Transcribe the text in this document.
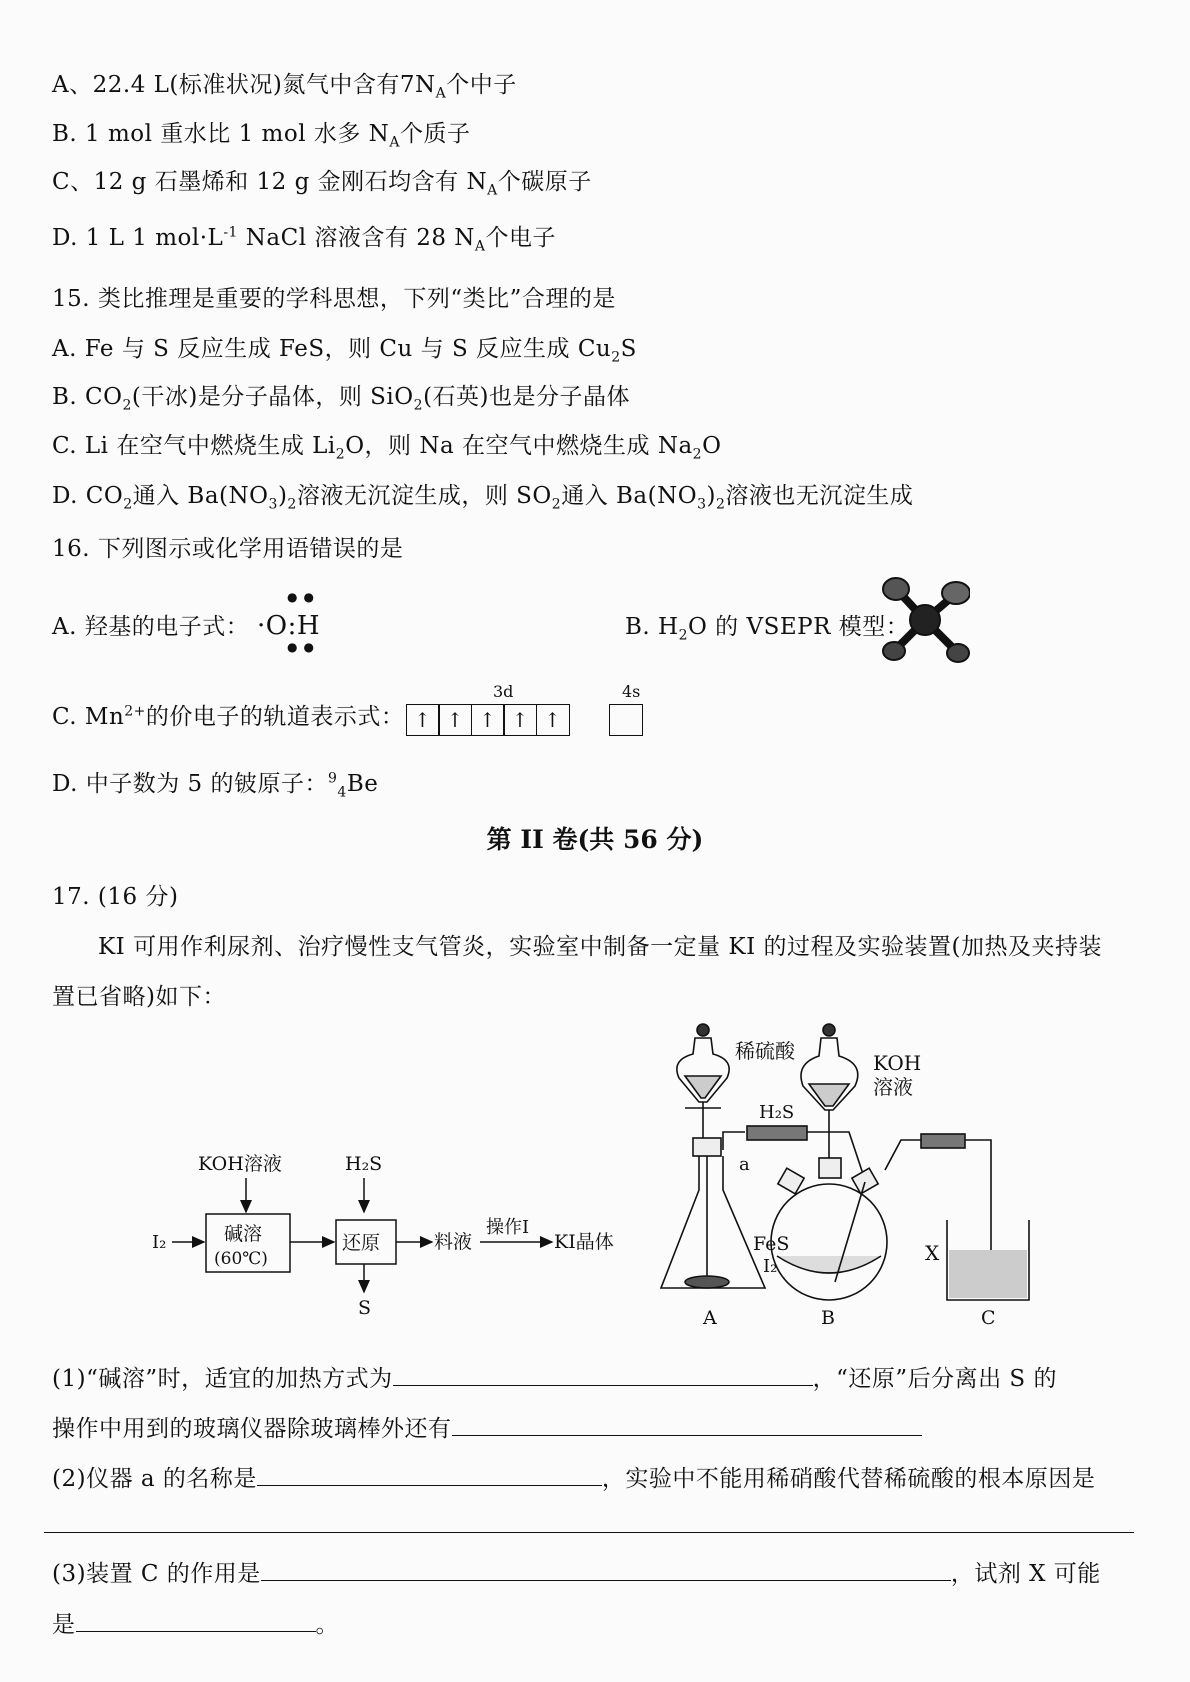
A、22.4 L(标准状况)氮气中含有$7N_A$个中子
B. 1 mol 重水比 1 mol 水多 $N_A$个质子
C、12 g 石墨烯和 12 g 金刚石均含有 $N_A$个碳原子
D. 1 L 1 $mol\cdot L^{-1}$ NaCl 溶液含有 28 $N_A$个电子
15. 类比推理是重要的学科思想，下列“类比”合理的是
A. Fe 与 S 反应生成 FeS，则 Cu 与 S 反应生成 $Cu_2S$
B. $CO_2$(干冰)是分子晶体，则 SiO$_2$(石英)也是分子晶体
C. Li 在空气中燃烧生成 $Li_2O$，则 Na 在空气中燃烧生成 $Na_2O$
D. $CO_2$通入 $Ba(NO_3)_2$溶液无沉淀生成，则 $SO_2$通入 $Ba(NO_3)_2$溶液也无沉淀生成
16. 下列图示或化学用语错误的是
A. 羟基的电子式： ·O:H
●●
●●
B. $H_2O$ 的 VSEPR 模型：
C. $Mn^{2+}$的价电子的轨道表示式：
3d	4s
↑ ↑ ↑ ↑ ↑
D. 中子数为 5 的铍原子：$^9_4$Be
第 II 卷(共 56 分)
17. (16 分)
KI 可用作利尿剂、治疗慢性支气管炎，实验室中制备一定量 KI 的过程及实验装置(加热及夹持装
置已省略)如下：
I₂
KOH溶液
碱溶
(60℃)
H₂S
还原
S
料液
操作I
KI晶体
稀硫酸	KOH
溶液
H₂S
a
FeS
I₂
X
A	B	C
(1)“碱溶”时，适宜的加热方式为	，“还原”后分离出 S 的
操作中用到的玻璃仪器除玻璃棒外还有
(2)仪器 a 的名称是	，实验中不能用稀硝酸代替稀硫酸的根本原因是
(3)装置 C 的作用是	，试剂 X 可能
是	。
